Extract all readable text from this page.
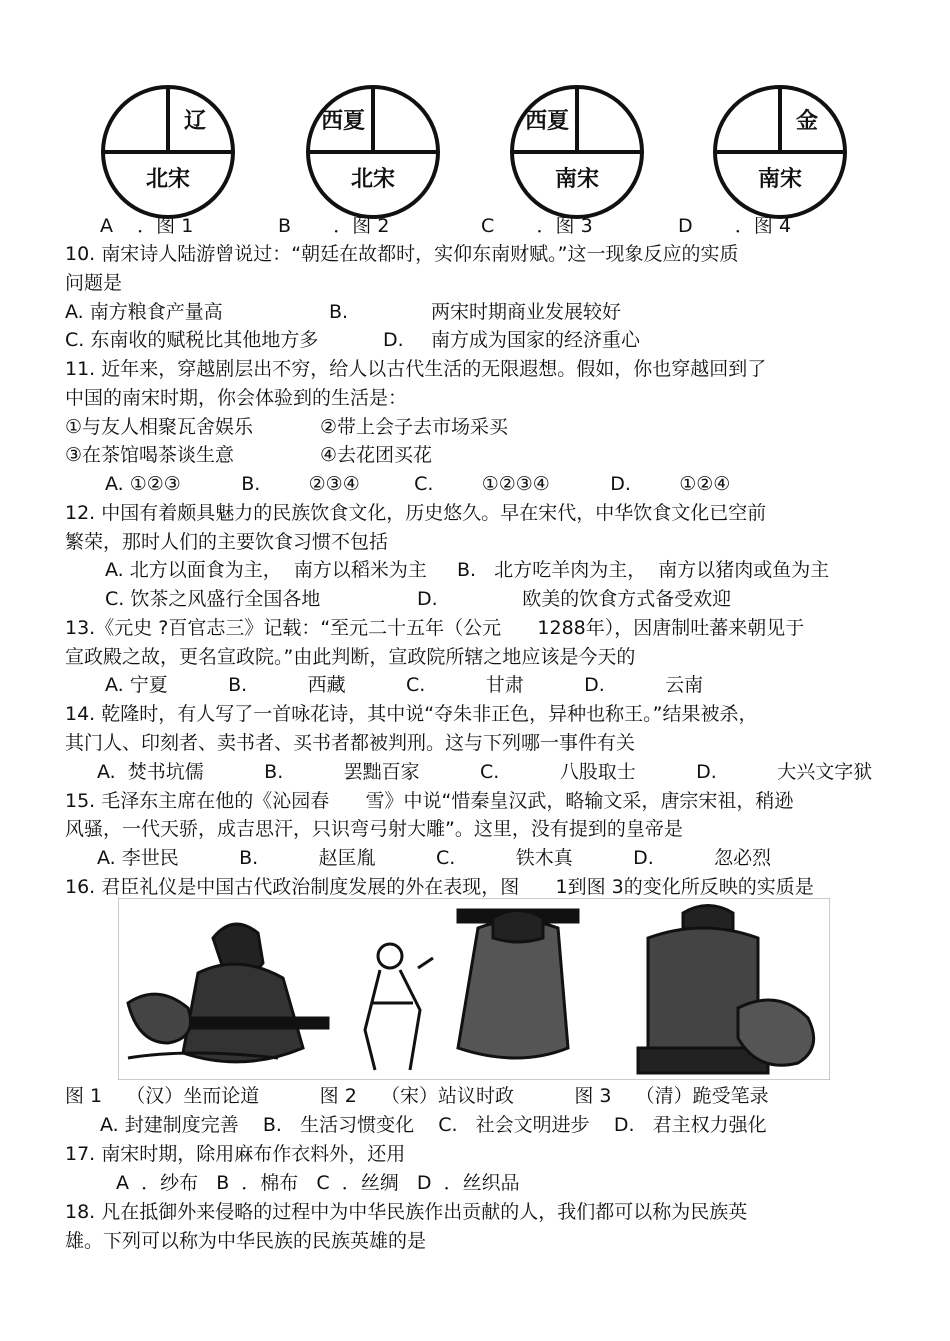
辽
北宋
西夏
北宋
西夏
南宋
金
南宋
A    ．图 1	B       ．图 2	C       ．图 3	D       ．图 4
10. 南宋诗人陆游曾说过：“朝廷在故都时，实仰东南财赋。”这一现象反应的实质
问题是
A. 南方粮食产量高	B.	两宋时期商业发展较好
C. 东南收的赋税比其他地方多	D. 南方成为国家的经济重心
11. 近年来，穿越剧层出不穷，给人以古代生活的无限遐想。假如，你也穿越回到了
中国的南宋时期，你会体验到的生活是：
①与友人相聚瓦舍娱乐	②带上会子去市场采买
③在茶馆喝茶谈生意	④去花团买花
A. ①②③          B.        ②③④         C.        ①②③④          D.        ①②④
12. 中国有着颇具魅力的民族饮食文化，历史悠久。早在宋代，中华饮食文化已空前
繁荣，那时人们的主要饮食习惯不包括
A. 北方以面食为主，  南方以稻米为主     B.   北方吃羊肉为主，  南方以猪肉或鱼为主
C. 饮茶之风盛行全国各地                D.              欧美的饮食方式备受欢迎
13.《元史 ?百官志三》记载：“至元二十五年（公元      1288年），因唐制吐蕃来朝见于
宣政殿之故，更名宣政院。”由此判断，宣政院所辖之地应该是今天的
A. 宁夏          B.          西藏          C.          甘肃          D.          云南
14. 乾隆时，有人写了一首咏花诗，其中说“夺朱非正色，异种也称王。”结果被杀，
其门人、印刻者、卖书者、买书者都被判刑。这与下列哪一事件有关
A.  焚书坑儒          B.          罢黜百家          C.          八股取士          D.          大兴文字狱
15. 毛泽东主席在他的《沁园春      雪》中说“惜秦皇汉武，略输文采，唐宗宋祖，稍逊
风骚，一代天骄，成吉思汗，只识弯弓射大雕”。这里，没有提到的皇帝是
A. 李世民          B.          赵匡胤          C.          铁木真          D.          忽必烈
16. 君臣礼仪是中国古代政治制度发展的外在表现，图      1到图 3的变化所反映的实质是
图 1    （汉）坐而论道          图 2    （宋）站议时政          图 3    （清）跪受笔录
A. 封建制度完善    B.   生活习惯变化    C.   社会文明进步    D.   君主权力强化
17. 南宋时期，除用麻布作衣料外，还用
A  ．纱布   B  ．棉布   C  ．丝绸   D  ．丝织品
18. 凡在抵御外来侵略的过程中为中华民族作出贡献的人，我们都可以称为民族英
雄。下列可以称为中华民族的民族英雄的是
